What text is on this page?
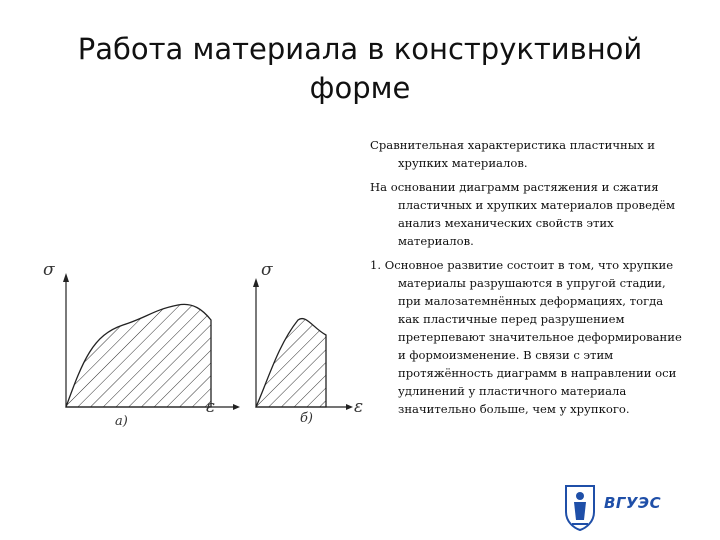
Работа материала в конструктивной форме
σ
ε
а)
σ
ε
б)

Сравнительная характеристика пластичных и хрупких материалов.

На основании диаграмм растяжения и сжатия пластичных и хрупких материалов проведём анализ механических свойств этих материалов.

1. Основное развитие состоит в том, что хрупкие материалы разрушаются в упругой стадии, при малозатемнённых деформациях, тогда как пластичные перед разрушением претерпевают значительное деформирование и формоизменение. В связи с этим протяжённость диаграмм в направлении оси удлинений у пластичного материала значительно больше, чем у хрупкого.

ВГУЭС
